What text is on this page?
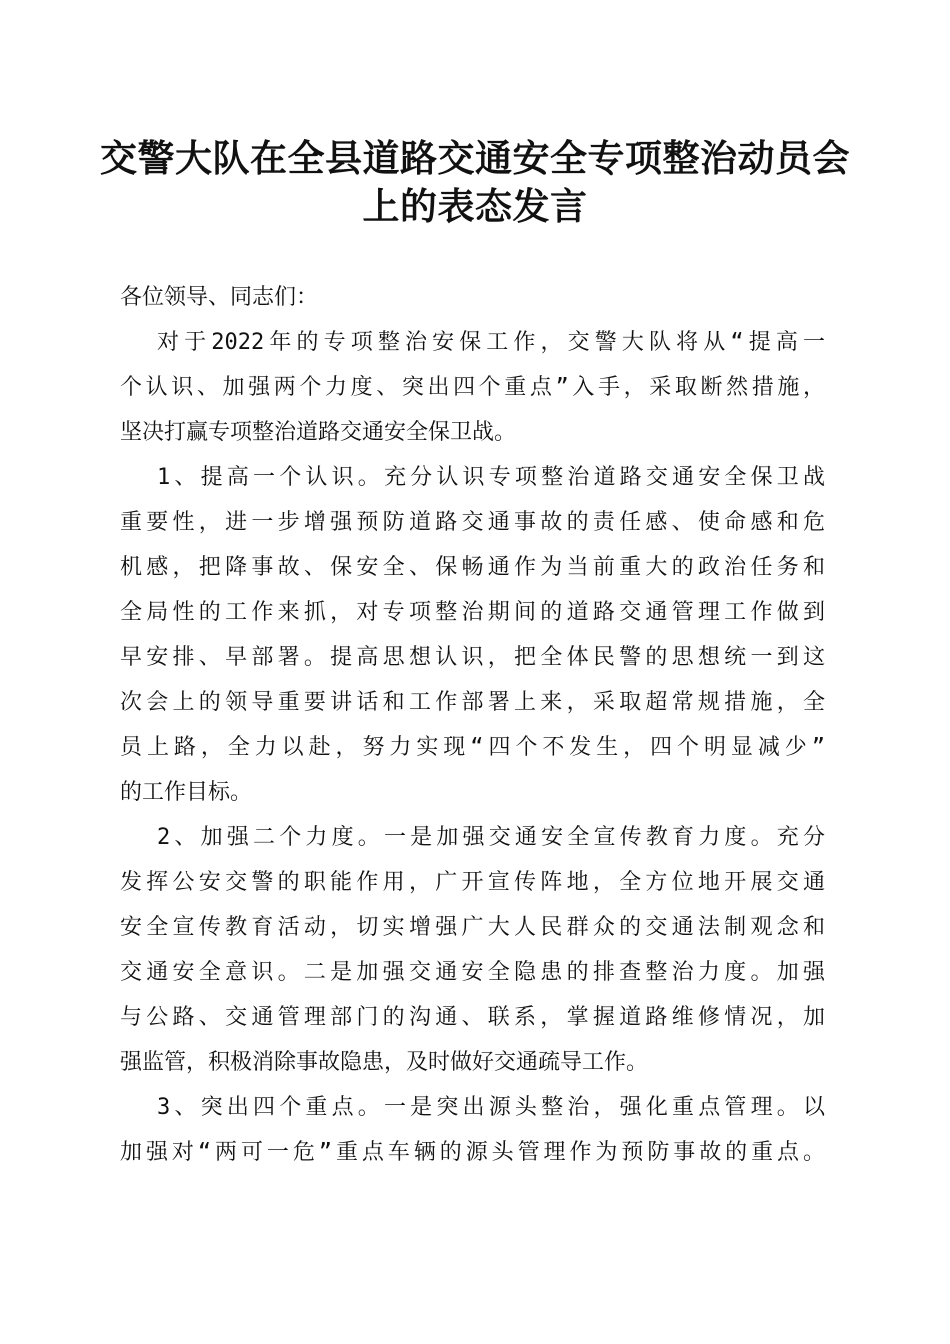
交警大队在全县道路交通安全专项整治动员会
上的表态发言
各位领导、同志们：
对于2022年的专项整治安保工作，交警大队将从“提高一
个认识、加强两个力度、突出四个重点”入手，采取断然措施，
坚决打赢专项整治道路交通安全保卫战。
1、提高一个认识。充分认识专项整治道路交通安全保卫战
重要性，进一步增强预防道路交通事故的责任感、使命感和危
机感，把降事故、保安全、保畅通作为当前重大的政治任务和
全局性的工作来抓，对专项整治期间的道路交通管理工作做到
早安排、早部署。提高思想认识，把全体民警的思想统一到这
次会上的领导重要讲话和工作部署上来，采取超常规措施，全
员上路，全力以赴，努力实现“四个不发生，四个明显减少”
的工作目标。
2、加强二个力度。一是加强交通安全宣传教育力度。充分
发挥公安交警的职能作用，广开宣传阵地，全方位地开展交通
安全宣传教育活动，切实增强广大人民群众的交通法制观念和
交通安全意识。二是加强交通安全隐患的排查整治力度。加强
与公路、交通管理部门的沟通、联系，掌握道路维修情况，加
强监管，积极消除事故隐患，及时做好交通疏导工作。
3、突出四个重点。一是突出源头整治，强化重点管理。以
加强对“两可一危”重点车辆的源头管理作为预防事故的重点。
